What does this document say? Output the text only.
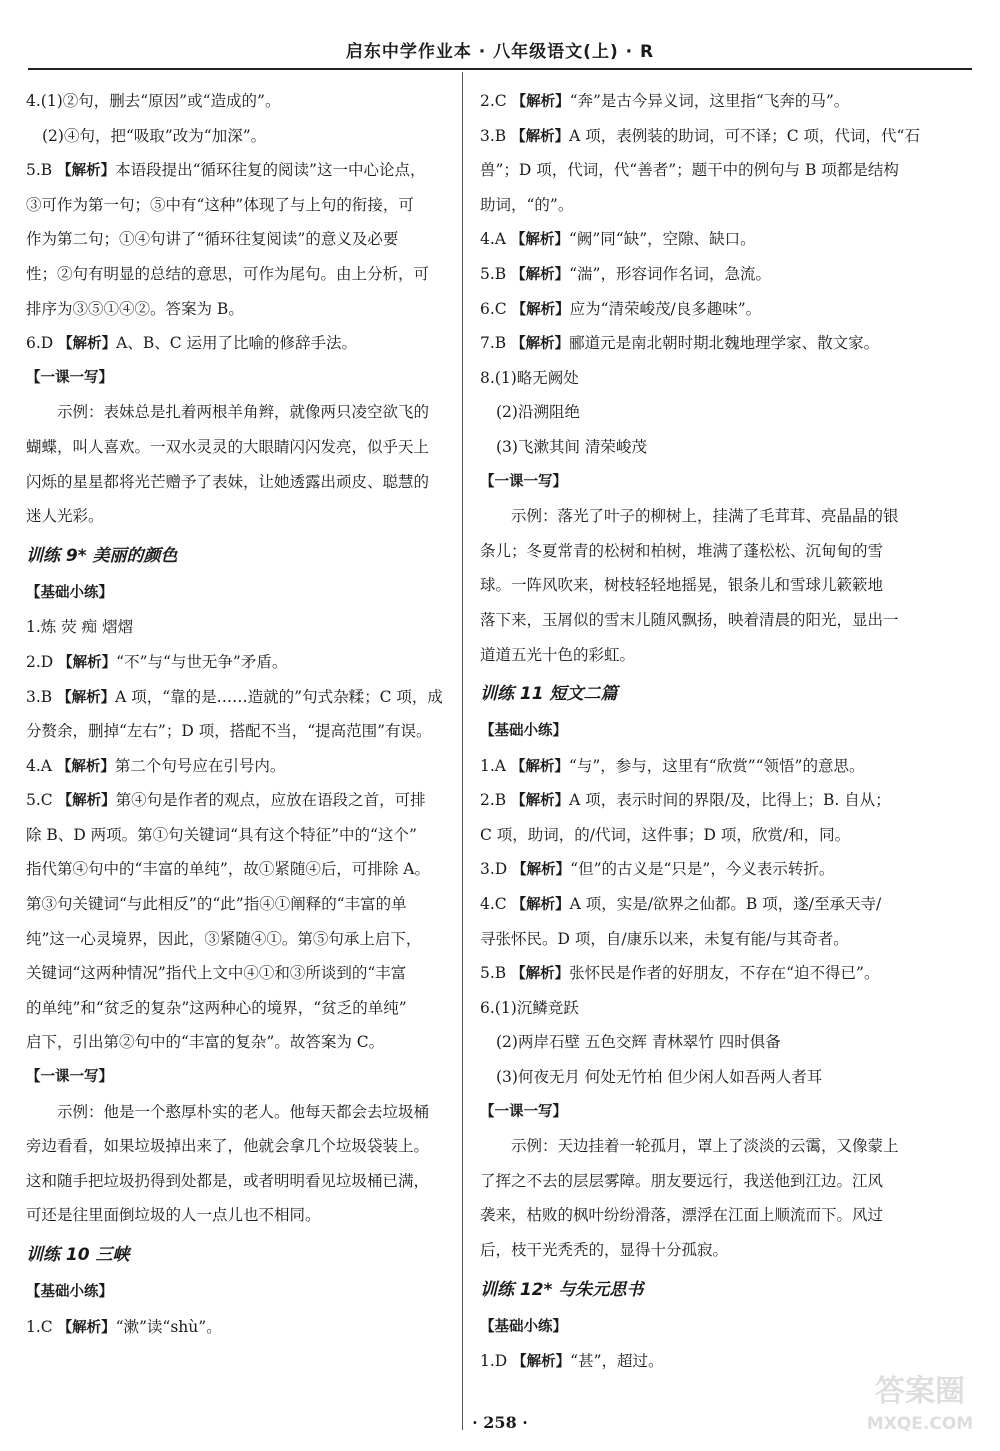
启东中学作业本 · 八年级语文(上) · R
4.(1)②句，删去“原因”或“造成的”。
(2)④句，把“吸取”改为“加深”。
5.B 【解析】本语段提出“循环往复的阅读”这一中心论点，
③可作为第一句；⑤中有“这种”体现了与上句的衔接，可
作为第二句；①④句讲了“循环往复阅读”的意义及必要
性；②句有明显的总结的意思，可作为尾句。由上分析，可
排序为③⑤①④②。答案为 B。
6.D 【解析】A、B、C 运用了比喻的修辞手法。
【一课一写】
示例：表妹总是扎着两根羊角辫，就像两只凌空欲飞的
蝴蝶，叫人喜欢。一双水灵灵的大眼睛闪闪发亮，似乎天上
闪烁的星星都将光芒赠予了表妹，让她透露出顽皮、聪慧的
迷人光彩。
训练 9* 美丽的颜色
【基础小练】
1.炼 荧 痴 熠熠
2.D 【解析】“不”与“与世无争”矛盾。
3.B 【解析】A 项，“靠的是……造就的”句式杂糅；C 项，成
分赘余，删掉“左右”；D 项，搭配不当，“提高范围”有误。
4.A 【解析】第二个句号应在引号内。
5.C 【解析】第④句是作者的观点，应放在语段之首，可排
除 B、D 两项。第①句关键词“具有这个特征”中的“这个”
指代第④句中的“丰富的单纯”，故①紧随④后，可排除 A。
第③句关键词“与此相反”的“此”指④①阐释的“丰富的单
纯”这一心灵境界，因此，③紧随④①。第⑤句承上启下，
关键词“这两种情况”指代上文中④①和③所谈到的“丰富
的单纯”和“贫乏的复杂”这两种心的境界，“贫乏的单纯”
启下，引出第②句中的“丰富的复杂”。故答案为 C。
【一课一写】
示例：他是一个憨厚朴实的老人。他每天都会去垃圾桶
旁边看看，如果垃圾掉出来了，他就会拿几个垃圾袋装上。
这和随手把垃圾扔得到处都是，或者明明看见垃圾桶已满，
可还是往里面倒垃圾的人一点儿也不相同。
训练 10 三峡
【基础小练】
1.C 【解析】“漱”读“shù”。
2.C 【解析】“奔”是古今异义词，这里指“飞奔的马”。
3.B 【解析】A 项，表例装的助词，可不译；C 项，代词，代“石
兽”；D 项，代词，代“善者”；题干中的例句与 B 项都是结构
助词，“的”。
4.A 【解析】“阙”同“缺”，空隙、缺口。
5.B 【解析】“湍”，形容词作名词，急流。
6.C 【解析】应为“清荣峻茂/良多趣味”。
7.B 【解析】郦道元是南北朝时期北魏地理学家、散文家。
8.(1)略无阙处
(2)沿溯阻绝
(3)飞漱其间 清荣峻茂
【一课一写】
示例：落光了叶子的柳树上，挂满了毛茸茸、亮晶晶的银
条儿；冬夏常青的松树和柏树，堆满了蓬松松、沉甸甸的雪
球。一阵风吹来，树枝轻轻地摇晃，银条儿和雪球儿簌簌地
落下来，玉屑似的雪末儿随风飘扬，映着清晨的阳光，显出一
道道五光十色的彩虹。
训练 11 短文二篇
【基础小练】
1.A 【解析】“与”，参与，这里有“欣赏”“领悟”的意思。
2.B 【解析】A 项，表示时间的界限/及，比得上；B. 自从；
C 项，助词，的/代词，这件事；D 项，欣赏/和，同。
3.D 【解析】“但”的古义是“只是”，今义表示转折。
4.C 【解析】A 项，实是/欲界之仙都。B 项，遂/至承天寺/
寻张怀民。D 项，自/康乐以来，未复有能/与其奇者。
5.B 【解析】张怀民是作者的好朋友，不存在“迫不得已”。
6.(1)沉鳞竞跃
(2)两岸石壁 五色交辉 青林翠竹 四时俱备
(3)何夜无月 何处无竹柏 但少闲人如吾两人者耳
【一课一写】
示例：天边挂着一轮孤月，罩上了淡淡的云霭，又像蒙上
了挥之不去的层层雾障。朋友要远行，我送他到江边。江风
袭来，枯败的枫叶纷纷滑落，漂浮在江面上顺流而下。风过
后，枝干光秃秃的，显得十分孤寂。
训练 12* 与朱元思书
【基础小练】
1.D 【解析】“甚”，超过。
· 258 ·
答案圈
MXQE.COM
